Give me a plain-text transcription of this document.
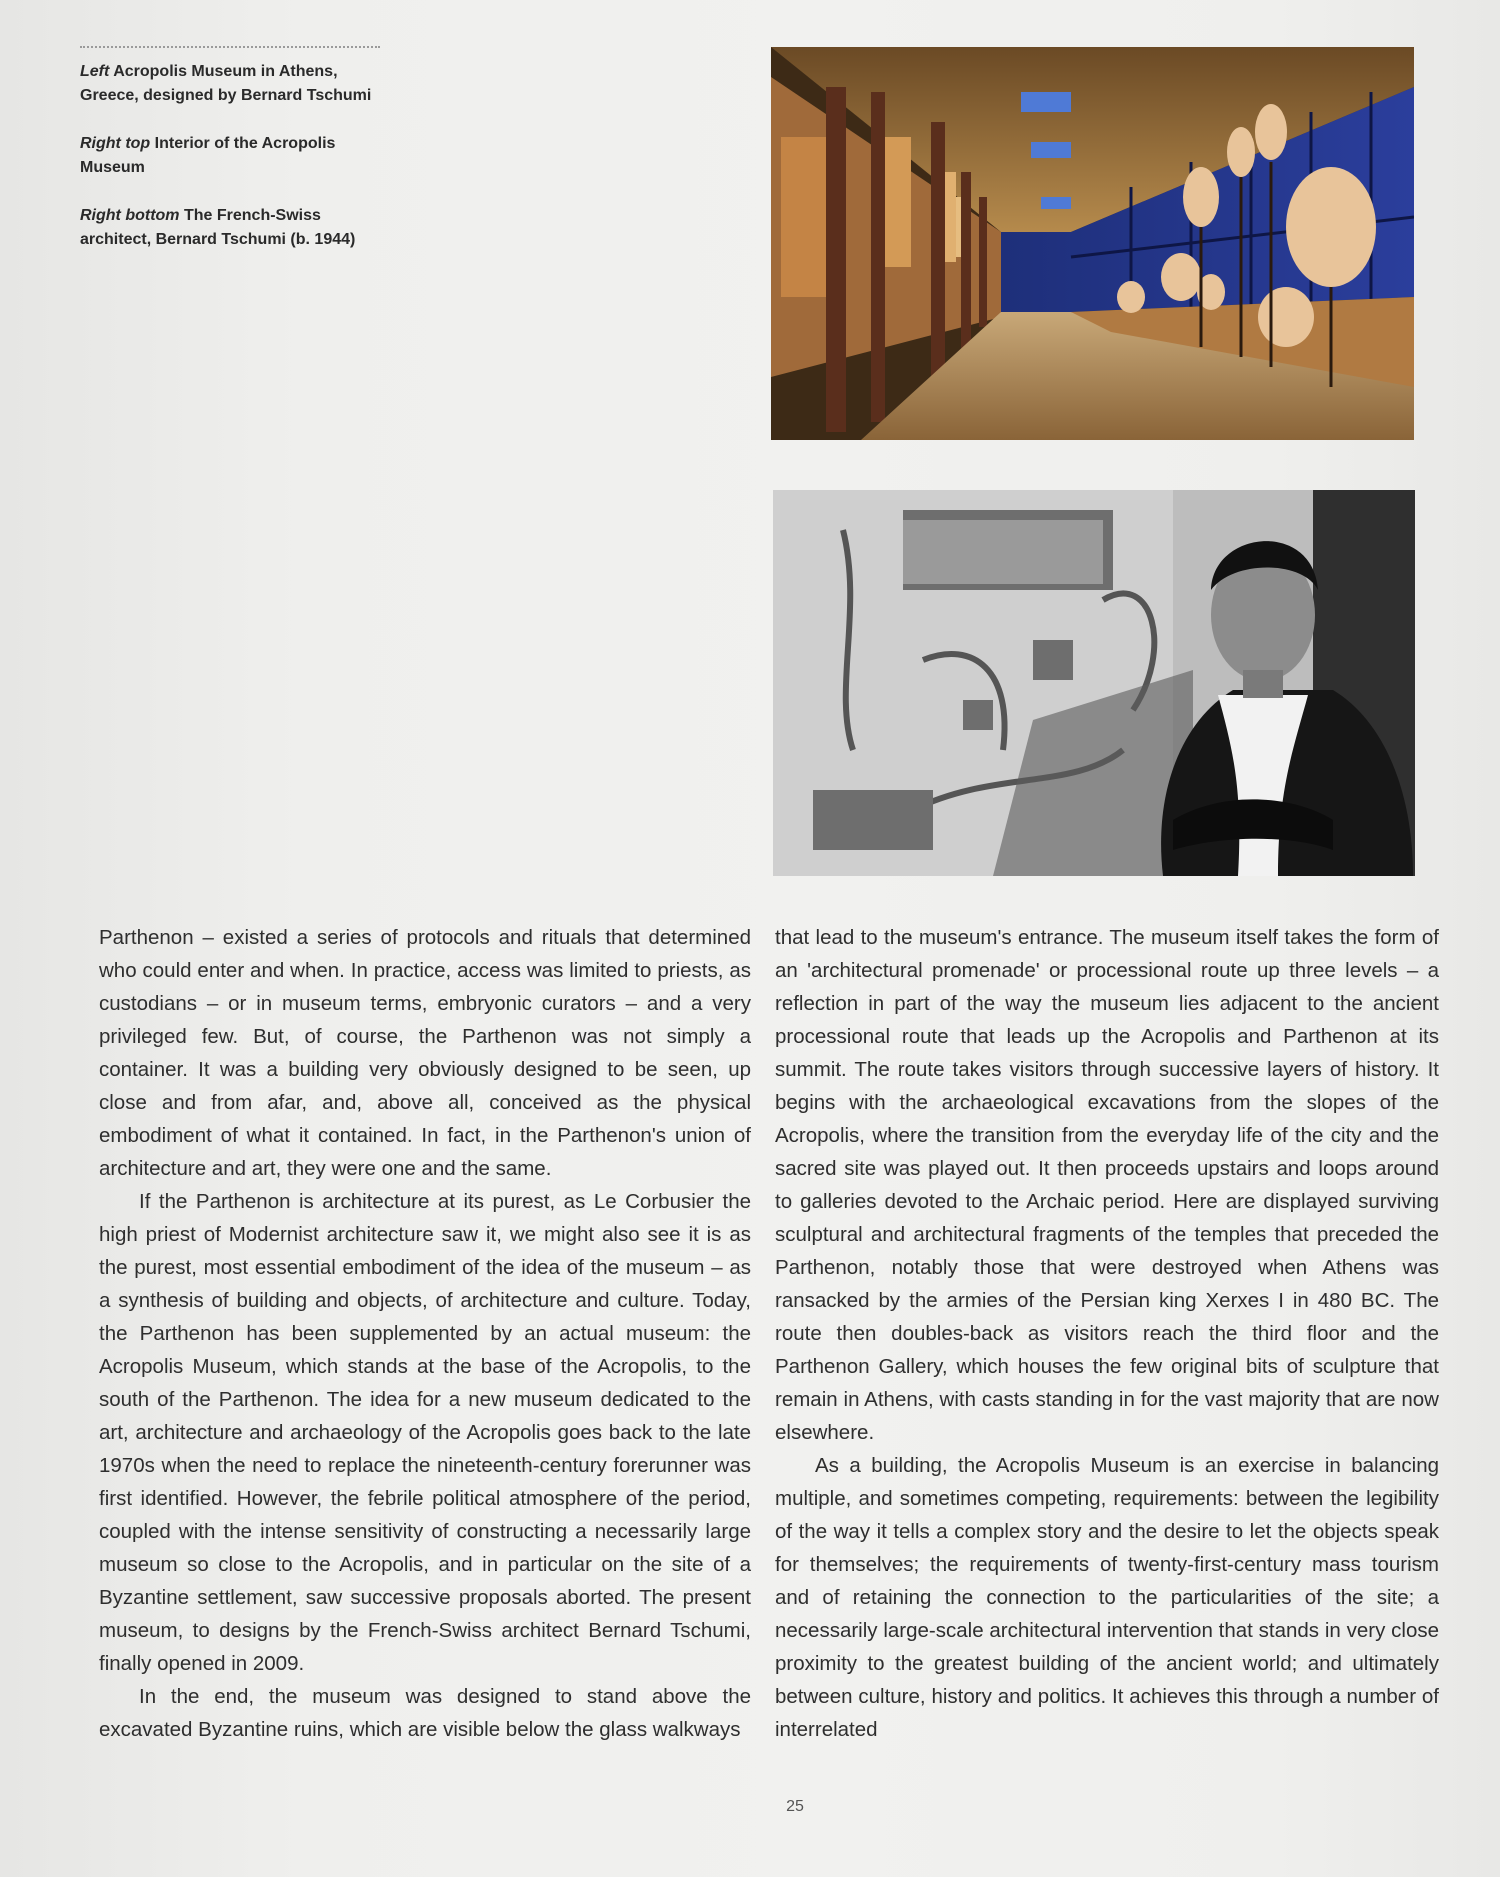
Left Acropolis Museum in Athens, Greece, designed by Bernard Tschumi

Right top Interior of the Acropolis Museum

Right bottom The French-Swiss architect, Bernard Tschumi (b. 1944)

Parthenon – existed a series of protocols and rituals that determined who could enter and when. In practice, access was limited to priests, as custodians – or in museum terms, embryonic curators – and a very privileged few. But, of course, the Parthenon was not simply a container. It was a building very obviously designed to be seen, up close and from afar, and, above all, conceived as the physical embodiment of what it contained. In fact, in the Parthenon's union of architecture and art, they were one and the same.

If the Parthenon is architecture at its purest, as Le Corbusier the high priest of Modernist architecture saw it, we might also see it is as the purest, most essential embodiment of the idea of the museum – as a synthesis of building and objects, of architecture and culture. Today, the Parthenon has been supplemented by an actual museum: the Acropolis Museum, which stands at the base of the Acropolis, to the south of the Parthenon. The idea for a new museum dedicated to the art, architecture and archaeology of the Acropolis goes back to the late 1970s when the need to replace the nineteenth-century forerunner was first identified. However, the febrile political atmosphere of the period, coupled with the intense sensitivity of constructing a necessarily large museum so close to the Acropolis, and in particular on the site of a Byzantine settlement, saw successive proposals aborted. The present museum, to designs by the French-Swiss architect Bernard Tschumi, finally opened in 2009.

In the end, the museum was designed to stand above the excavated Byzantine ruins, which are visible below the glass walkways

that lead to the museum's entrance. The museum itself takes the form of an 'architectural promenade' or processional route up three levels – a reflection in part of the way the museum lies adjacent to the ancient processional route that leads up the Acropolis and Parthenon at its summit. The route takes visitors through successive layers of history. It begins with the archaeological excavations from the slopes of the Acropolis, where the transition from the everyday life of the city and the sacred site was played out. It then proceeds upstairs and loops around to galleries devoted to the Archaic period. Here are displayed surviving sculptural and architectural fragments of the temples that preceded the Parthenon, notably those that were destroyed when Athens was ransacked by the armies of the Persian king Xerxes I in 480 BC. The route then doubles-back as visitors reach the third floor and the Parthenon Gallery, which houses the few original bits of sculpture that remain in Athens, with casts standing in for the vast majority that are now elsewhere.

As a building, the Acropolis Museum is an exercise in balancing multiple, and sometimes competing, requirements: between the legibility of the way it tells a complex story and the desire to let the objects speak for themselves; the requirements of twenty-first-century mass tourism and of retaining the connection to the particularities of the site; a necessarily large-scale architectural intervention that stands in very close proximity to the greatest building of the ancient world; and ultimately between culture, history and politics. It achieves this through a number of interrelated

25
